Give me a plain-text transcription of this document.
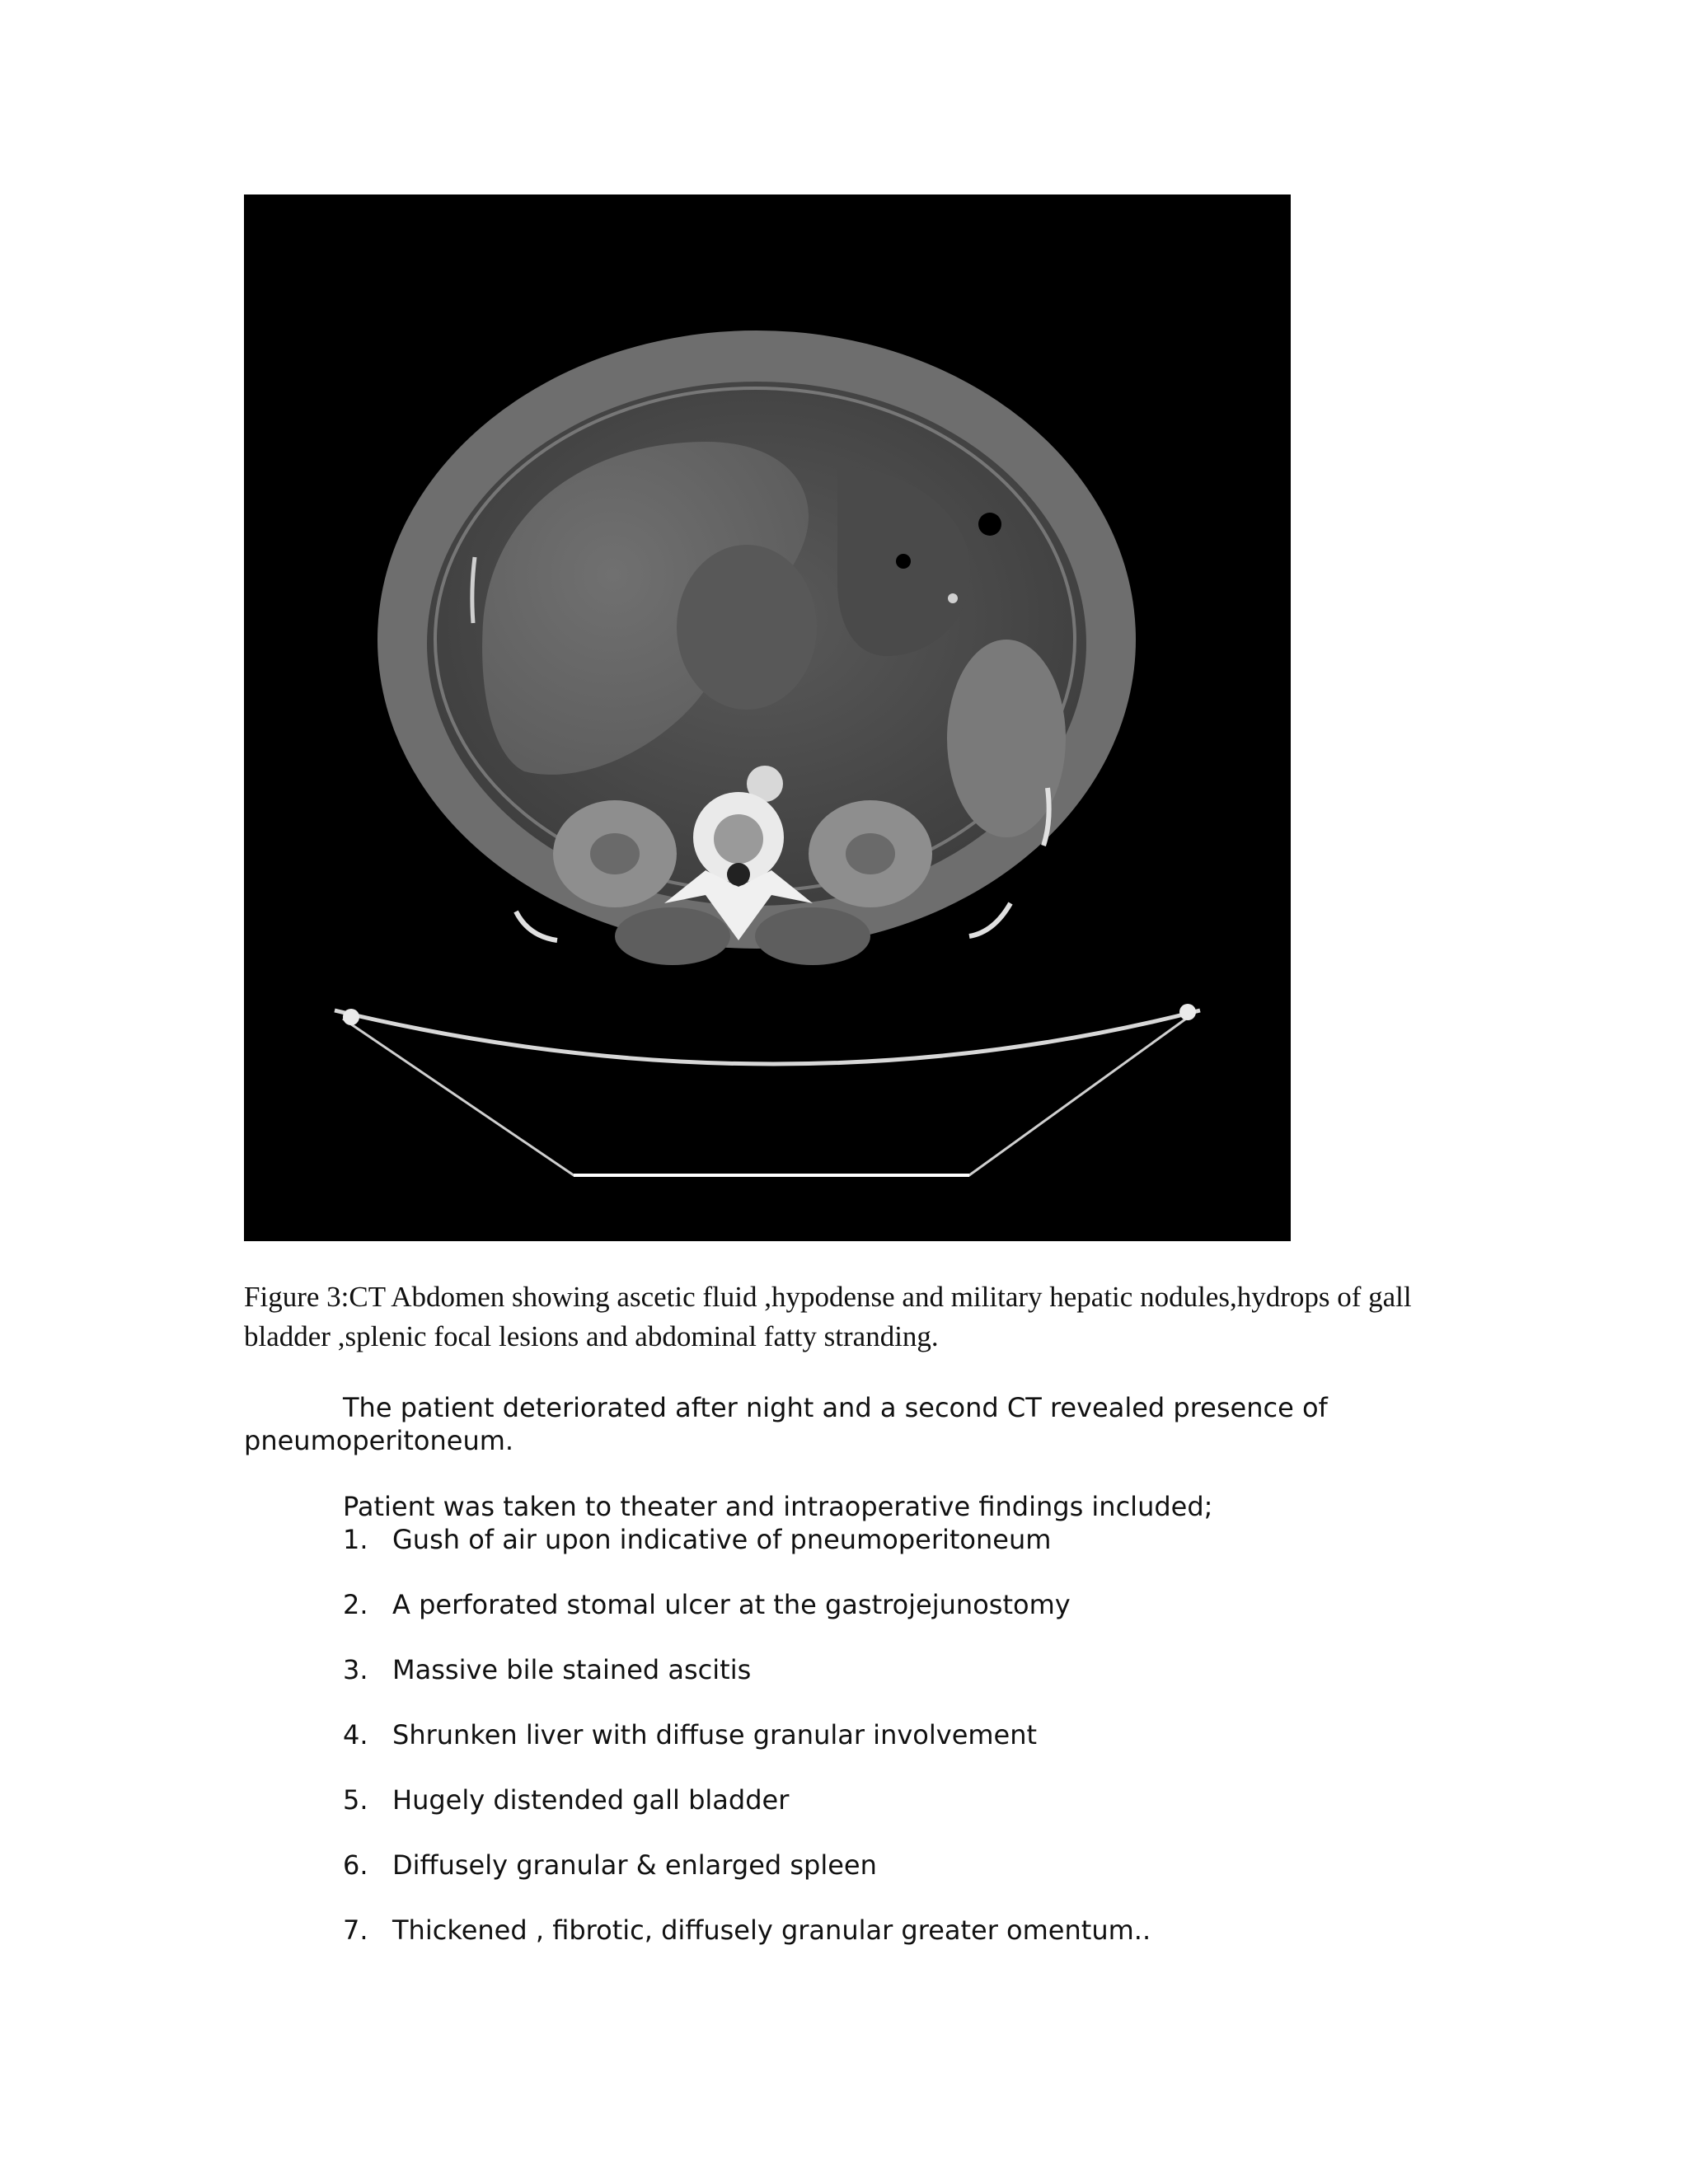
Figure 3:CT Abdomen showing ascetic fluid ,hypodense and military hepatic nodules,hydrops of gall bladder ,splenic focal lesions and abdominal fatty stranding.

The patient deteriorated after night and a second CT revealed presence of pneumoperitoneum.

Patient was taken to theater and intraoperative findings included;

1. Gush of air upon indicative of pneumoperitoneum
2. A perforated stomal ulcer at the gastrojejunostomy
3. Massive bile stained ascitis
4. Shrunken liver with diffuse granular involvement
5. Hugely distended gall bladder
6. Diffusely granular & enlarged spleen
7. Thickened , fibrotic, diffusely granular greater omentum..
